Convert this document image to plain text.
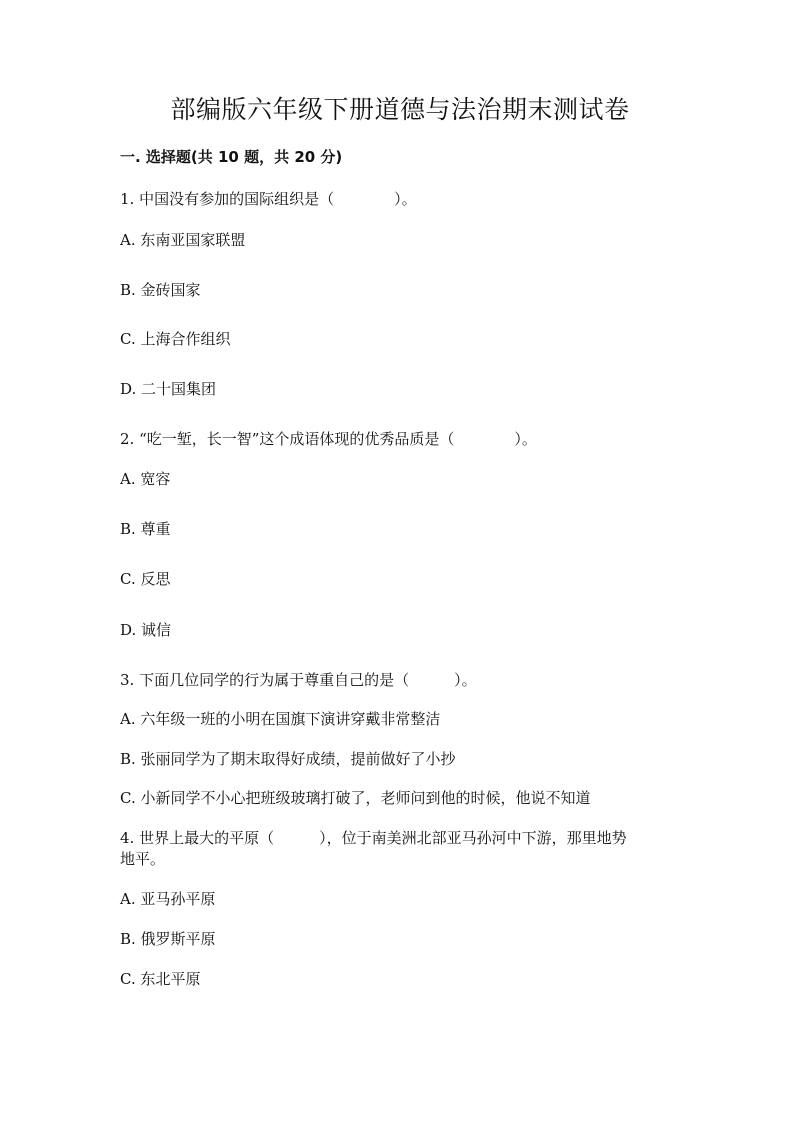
部编版六年级下册道德与法治期末测试卷
一. 选择题(共 10 题，共 20 分)
1. 中国没有参加的国际组织是（　　　　）。
A. 东南亚国家联盟
B. 金砖国家
C. 上海合作组织
D. 二十国集团
2. “吃一堑，长一智”这个成语体现的优秀品质是（　　　　）。
A. 宽容
B. 尊重
C. 反思
D. 诚信
3. 下面几位同学的行为属于尊重自己的是（　　　）。
A. 六年级一班的小明在国旗下演讲穿戴非常整洁
B. 张丽同学为了期末取得好成绩，提前做好了小抄
C. 小新同学不小心把班级玻璃打破了，老师问到他的时候，他说不知道
4. 世界上最大的平原（　　　），位于南美洲北部亚马孙河中下游，那里地势
地平。
A. 亚马孙平原
B. 俄罗斯平原
C. 东北平原
